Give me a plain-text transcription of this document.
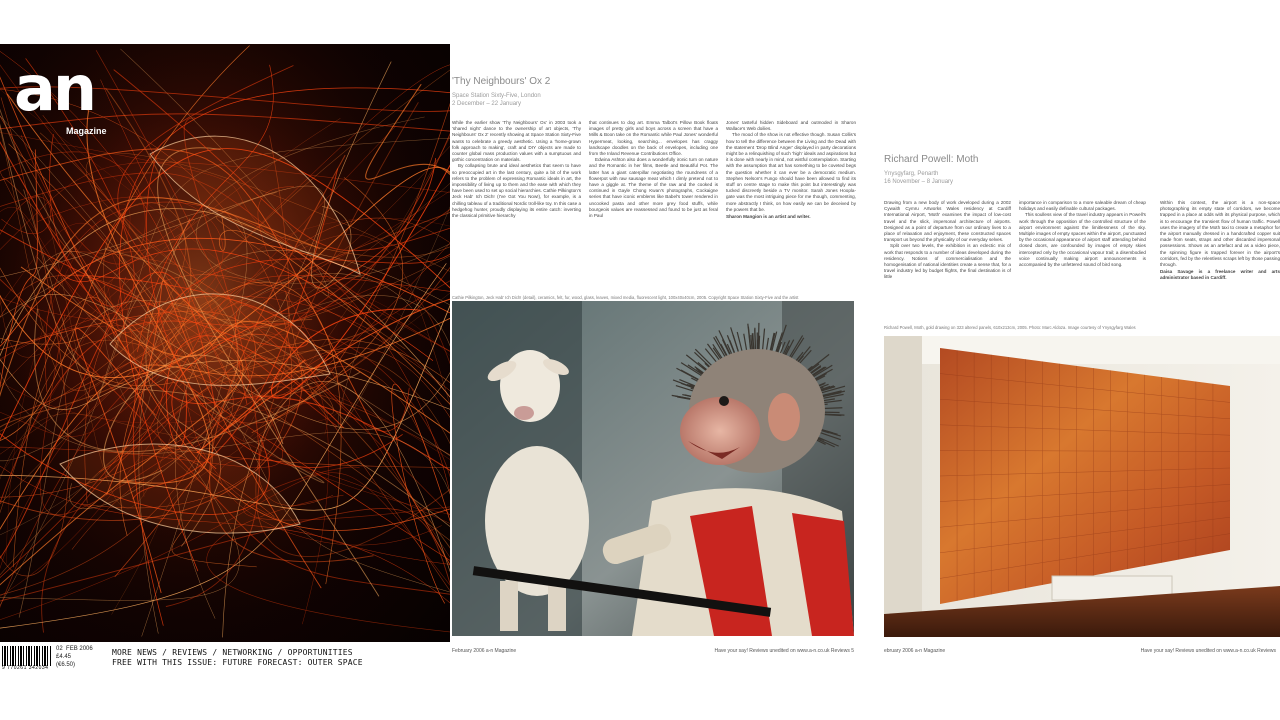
an
Magazine
9 770261 342034
02 FEB 2006
£4.45
(€6.50)
MORE NEWS / REVIEWS / NETWORKING / OPPORTUNITIES
FREE WITH THIS ISSUE: FUTURE FORECAST: OUTER SPACE
'Thy Neighbours' Ox 2
Space Station Sixty-Five, London
2 December – 22 January

While the earlier show 'Thy Neighbours' Ox' in 2003 took a 'shared night' dance to the ownership of art objects, 'Thy Neighbours' Ox 2' recently showing at Space Station Sixty-Five wants to celebrate a greedy aesthetic. Using a 'home-grown folk approach to making', craft and DIY objects are made to counter global mass production values with a sumptuous and gothic concentration on materials.

By collapsing brute and ideal aesthetics that seem to have so preoccupied art in the last century, quite a bit of the work refers to the problem of expressing Romantic ideals in art, the impossibility of living up to them and the ease with which they have been used to set up social hierarchies. Cathie Pilkington's Jeck Hab' Ich Dich! (I've Got You Now!), for example, is a chilling tableau of a traditional Nordic troll-like toy. In this case a hedgehog hunter, proudly displaying its entire catch: inverting the classical primitive hierarchy

that continues to dog art. Emma Talbot's Pillow Book floats images of pretty girls and boys across a screen that have a Mills & Boon take on the Romantic while Paul Jones' wonderful Hypermeat, looking, searching... envelopes has craggy landscape doodles on the back of envelopes, including one from the Inland Revenue Contributions Office.

Edwina Ashton also does a wonderfully ironic turn on nature and the Romantic in her films, Beetle and Beautiful Pot. The latter has a giant caterpillar negotiating the roundness of a flowerpot with raw sausage meat which I dimly pretend not to have a giggle at. The theme of the raw and the cooked is continued in Gayle Chong Kwan's photographs, Cockaigne series that have iconic emblems like Babel's tower rendered in uncooked pasta and other more grey food stuffs, while bourgeois values are reassessed and found to be just as feral in Paul

Jones' tasteful hidden Sideboard and outmoded in Sharon Wallace's Web doilies.

The mood of the show is not effective though. Susan Collis's how to tell the difference between the Living and the Dead with the statement 'Drop Blind Anger' displayed in party decorations might be a relinquishing of such 'high' ideals and aspirations but it is done with nearly in mind, not wistful contemplation. Starting with the assumption that art has something to be coveted begs the question whether it can ever be a democratic medium. Stephen Nelson's Fungo should have been allowed to find its stuff on centre stage to make this point but interestingly was tucked discreetly beside a TV monitor. Sarah Jones Hoopla-gate was the most intriguing piece for me though, commenting, more abstractly I think, on how easily we can be deceived by the powers that be.

Sharon Mangion is an artist and writer.
Cathie Pilkington, Jeck Hab' Ich Dich! (detail), ceramics, felt, fur, wood, glass, leaves, mixed media, fluorescent light, 100x40x40cm, 2005. Copyright Space Station Sixty-Five and the artist
February 2006 a-n Magazine	Have your say! Reviews unedited on www.a-n.co.uk Reviews 5
Richard Powell: Moth
Ynysgyfarg, Penarth
16 November – 8 January

Drawing from a new body of work developed during a 2002 Cywaith Cymru Artworks Wales residency at Cardiff International Airport, 'Moth' examines the impact of low-cost travel and the slick, impersonal architecture of airports. Designed as a point of departure from our ordinary lives to a place of relaxation and enjoyment, these constructed spaces transport us beyond the physicality of our everyday selves.

Split over two levels, the exhibition is an eclectic mix of work that responds to a number of ideas developed during the residency. Notions of commercialisation and the homogenisation of national identities create a sense that, for a travel industry led by budget flights, the final destination is of little

importance in comparison to a more saleable dream of cheap holidays and easily definable cultural packages.

This soulless view of the travel industry appears in Powell's work through the opposition of the controlled structure of the airport environment against the limitlessness of the sky. Multiple images of empty spaces within the airport, punctuated by the occasional appearance of airport staff attending behind closed doors, are confounded by images of empty skies intercepted only by the occasional vapour trail; a disembodied voice continually making airport announcements is accompanied by the unfettered sound of bird song.

Within this context, the airport is a non-space photographing its empty state of corridors, we become trapped in a place at odds with its physical purpose, which is to encourage the transient flow of human traffic. Powell uses the imagery of the Moth taxi to create a metaphor for the airport manually dressed in a handcrafted copper suit made from seats, straps and other discarded impersonal possessions. Shown as an artefact and as a video piece, the spinning figure is trapped forever in the airport's corridors, fed by the relentless scraps left by those passing through.

Daisa Savage is a freelance writer and arts administrator based in Cardiff.
Richard Powell, Moth, gold drawing on 323 altered panels, 610x213cm, 2005. Photo: Marc Aldoza. Image courtesy of Ynysgyfarg Wales
ebruary 2006 a-n Magazine	Have your say! Reviews unedited on www.a-n.co.uk Reviews
